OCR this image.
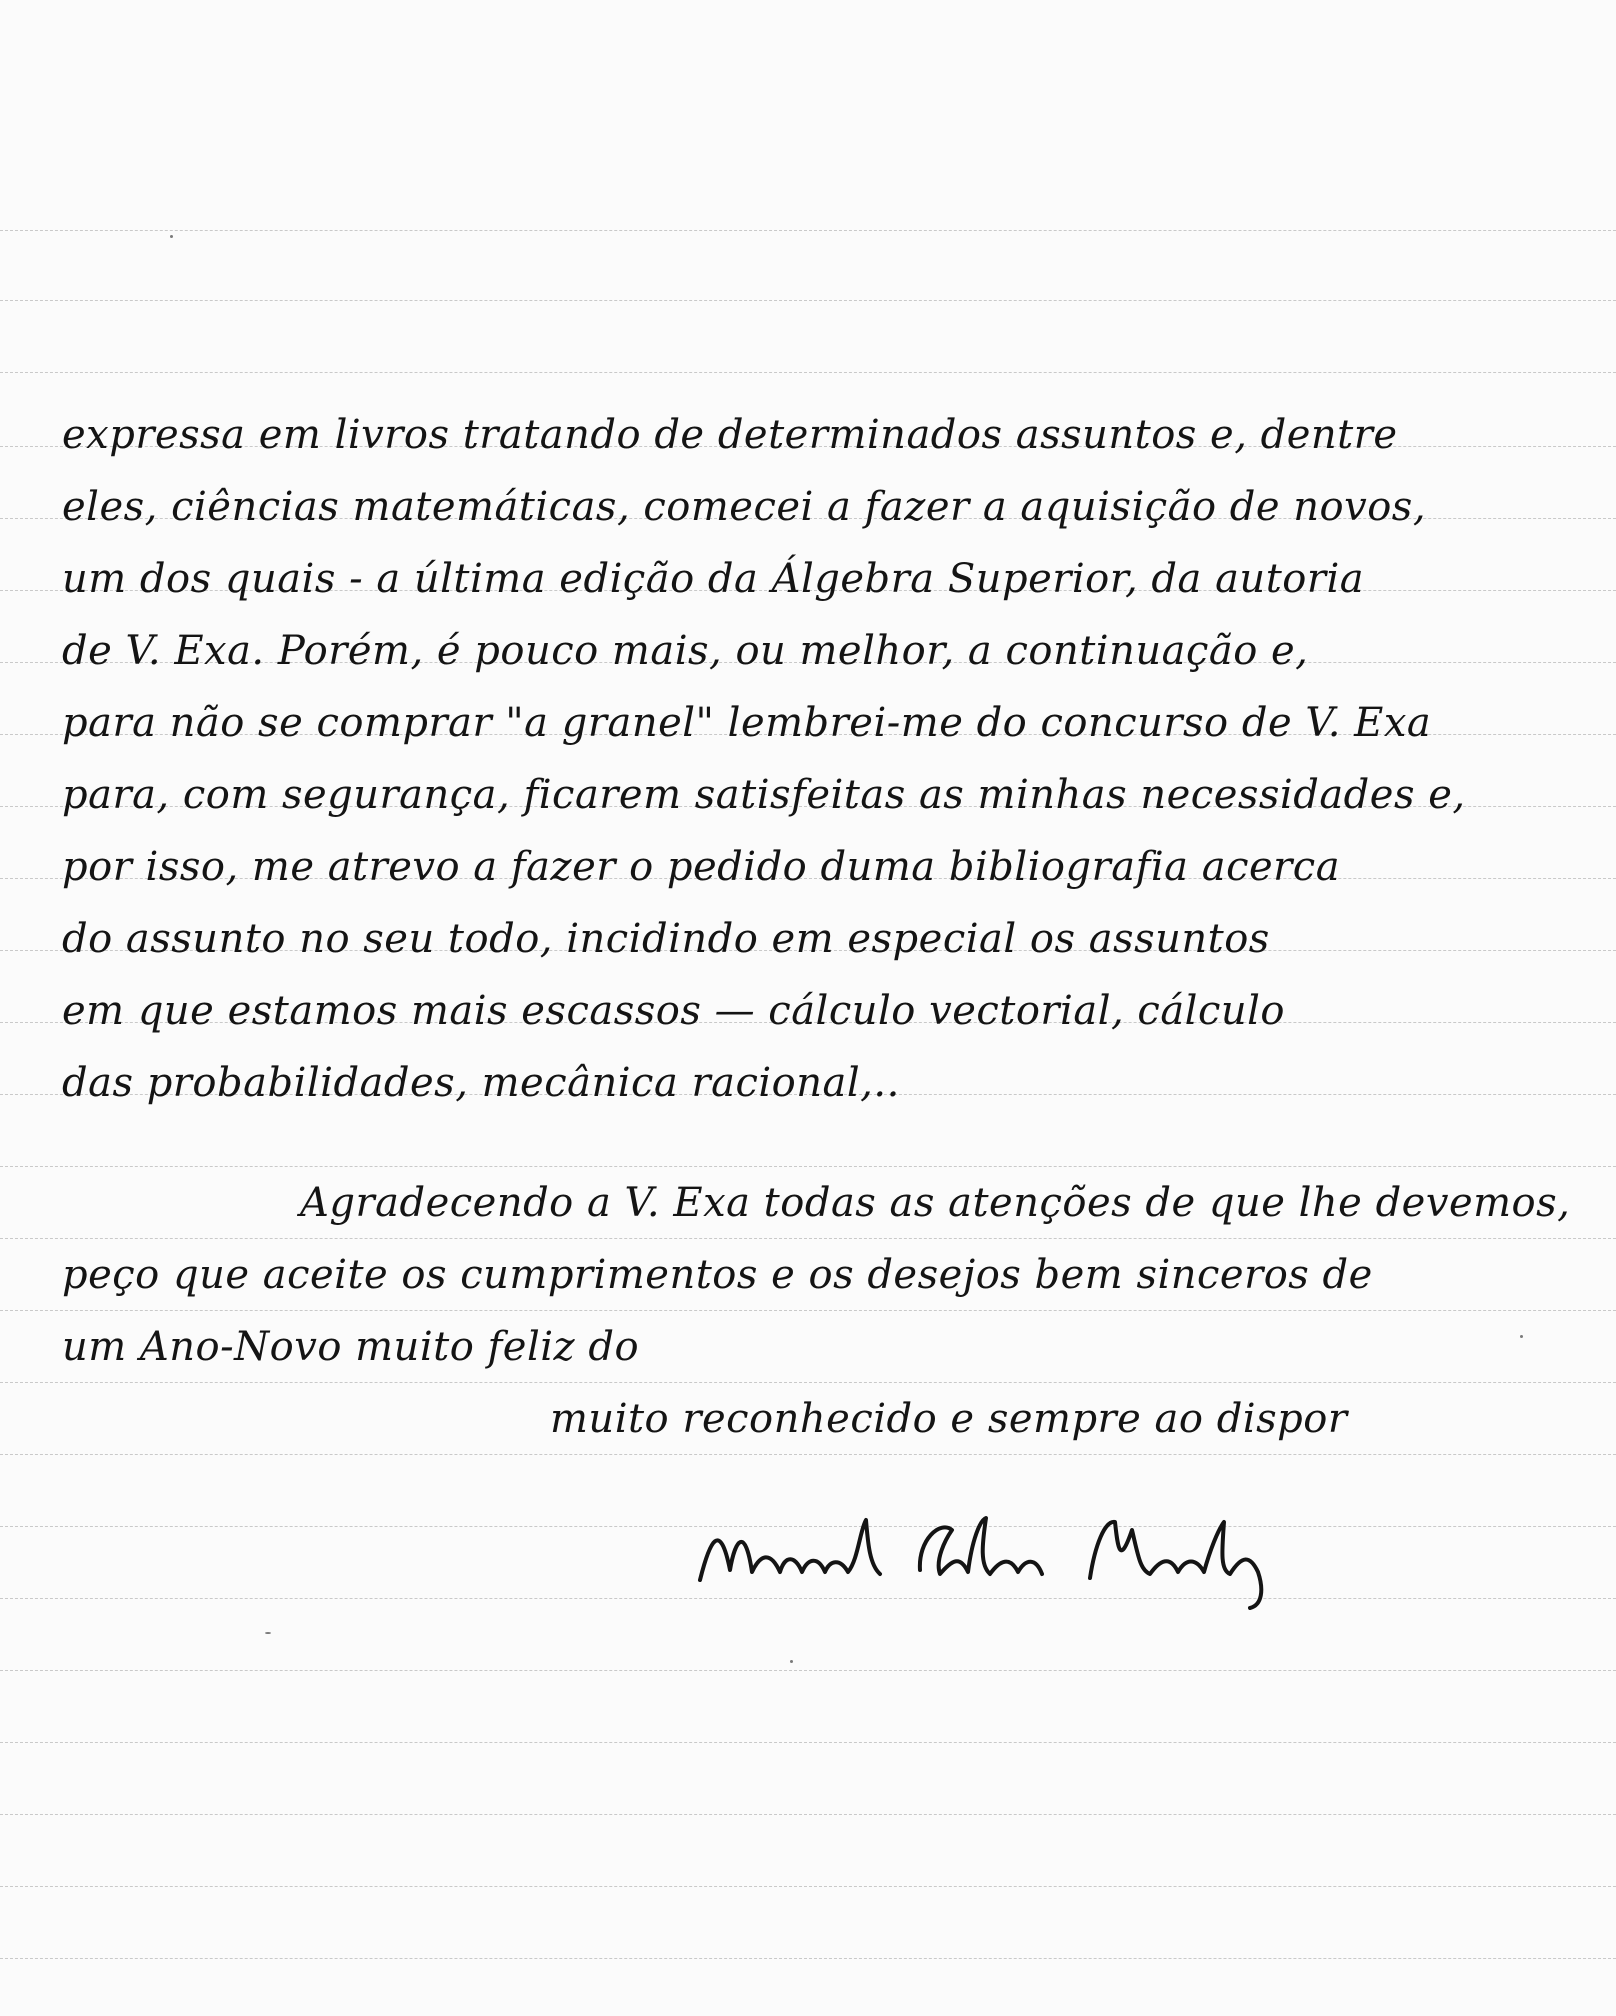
expressa em livros tratando de determinados assuntos e, dentre
eles, ciências matemáticas, comecei a fazer a aquisição de novos,
um dos quais - a última edição da Álgebra Superior, da autoria
de V. Exa. Porém, é pouco mais, ou melhor, a continuação e,
para não se comprar "a granel" lembrei-me do concurso de V. Exa
para, com segurança, ficarem satisfeitas as minhas necessidades e,
por isso, me atrevo a fazer o pedido duma bibliografia acerca
do assunto no seu todo, incidindo em especial os assuntos
em que estamos mais escassos — cálculo vectorial, cálculo
das probabilidades, mecânica racional,..
Agradecendo a V. Exa todas as atenções de que lhe devemos,
peço que aceite os cumprimentos e os desejos bem sinceros de
um Ano-Novo muito feliz do
muito reconhecido e sempre ao dispor
